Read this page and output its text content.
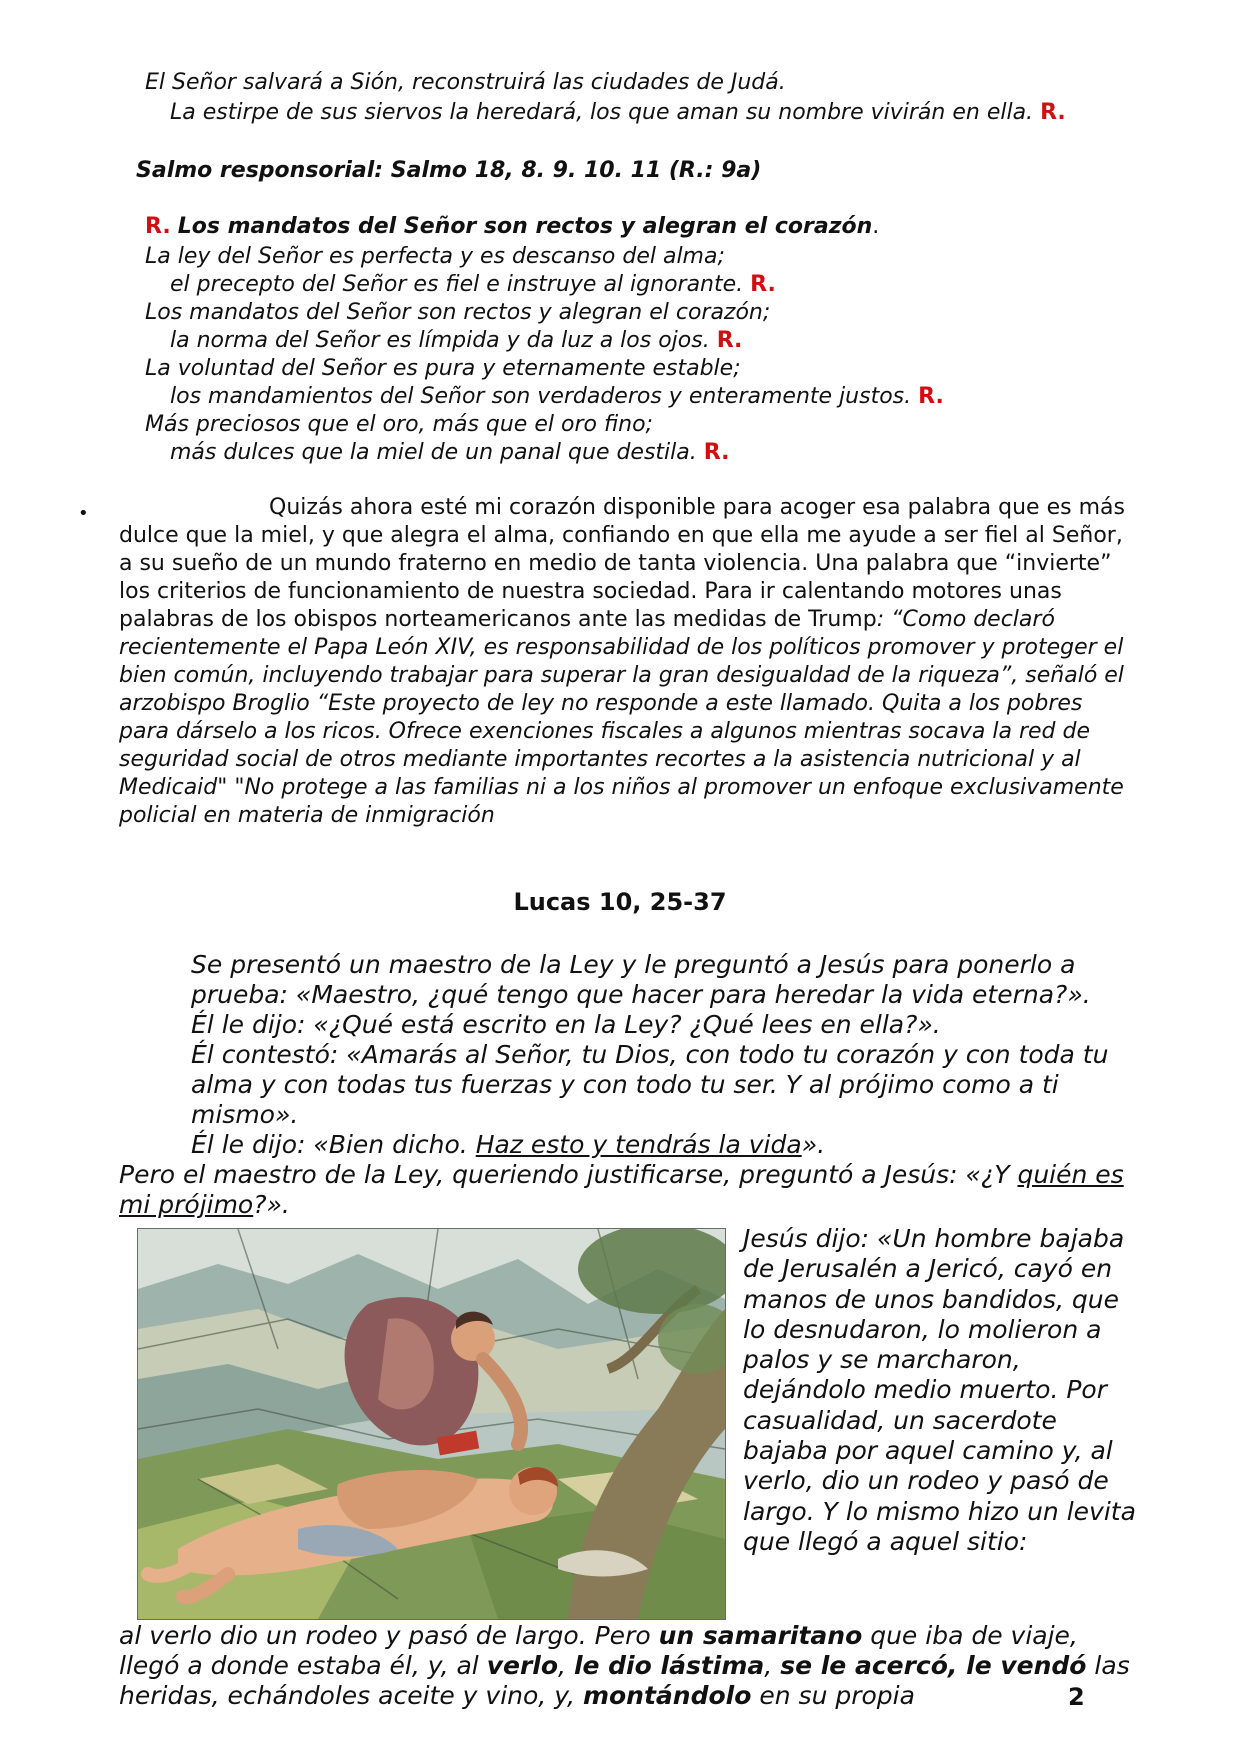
El Señor salvará a Sión, reconstruirá las ciudades de Judá.
La estirpe de sus siervos la heredará, los que aman su nombre vivirán en ella. R.
Salmo responsorial: Salmo 18, 8. 9. 10. 11 (R.: 9a)
R. Los mandatos del Señor son rectos y alegran el corazón.
La ley del Señor es perfecta y es descanso del alma;
el precepto del Señor es fiel e instruye al ignorante. R.
Los mandatos del Señor son rectos y alegran el corazón;
la norma del Señor es límpida y da luz a los ojos. R.
La voluntad del Señor es pura y eternamente estable;
los mandamientos del Señor son verdaderos y enteramente justos. R.
Más preciosos que el oro, más que el oro fino;
más dulces que la miel de un panal que destila. R.
•	Quizás ahora esté mi corazón disponible para acoger esa palabra que es más dulce que la miel, y que alegra el alma, confiando en que ella me ayude a ser fiel al Señor, a su sueño de un mundo fraterno en medio de tanta violencia. Una palabra que “invierte” los criterios de funcionamiento de nuestra sociedad. Para ir calentando motores unas palabras de los obispos norteamericanos ante las medidas de Trump: “Como declaró recientemente el Papa León XIV, es responsabilidad de los políticos promover y proteger el bien común, incluyendo trabajar para superar la gran desigualdad de la riqueza”, señaló el arzobispo Broglio “Este proyecto de ley no responde a este llamado. Quita a los pobres para dárselo a los ricos. Ofrece exenciones fiscales a algunos mientras socava la red de seguridad social de otros mediante importantes recortes a la asistencia nutricional y al Medicaid" "No protege a las familias ni a los niños al promover un enfoque exclusivamente policial en materia de inmigración
Lucas 10, 25-37

Se presentó un maestro de la Ley y le preguntó a Jesús para ponerlo a prueba: «Maestro, ¿qué tengo que hacer para heredar la vida eterna?».

Él le dijo: «¿Qué está escrito en la Ley? ¿Qué lees en ella?».

Él contestó: «Amarás al Señor, tu Dios, con todo tu corazón y con toda tu alma y con todas tus fuerzas y con todo tu ser. Y al prójimo como a ti mismo».

Él le dijo: «Bien dicho. Haz esto y tendrás la vida».

Pero el maestro de la Ley, queriendo justificarse, preguntó a Jesús: «¿Y quién es mi prójimo?».

Jesús dijo: «Un hombre bajaba de Jerusalén a Jericó, cayó en manos de unos bandidos, que lo desnudaron, lo molieron a palos y se marcharon, dejándolo medio muerto. Por casualidad, un sacerdote bajaba por aquel camino y, al verlo, dio un rodeo y pasó de largo. Y lo mismo hizo un levita que llegó a aquel sitio:
al verlo dio un rodeo y pasó de largo. Pero un samaritano que iba de viaje, llegó a donde estaba él, y, al verlo, le dio lástima, se le acercó, le vendó las heridas, echándoles aceite y vino, y, montándolo en su propia	2
